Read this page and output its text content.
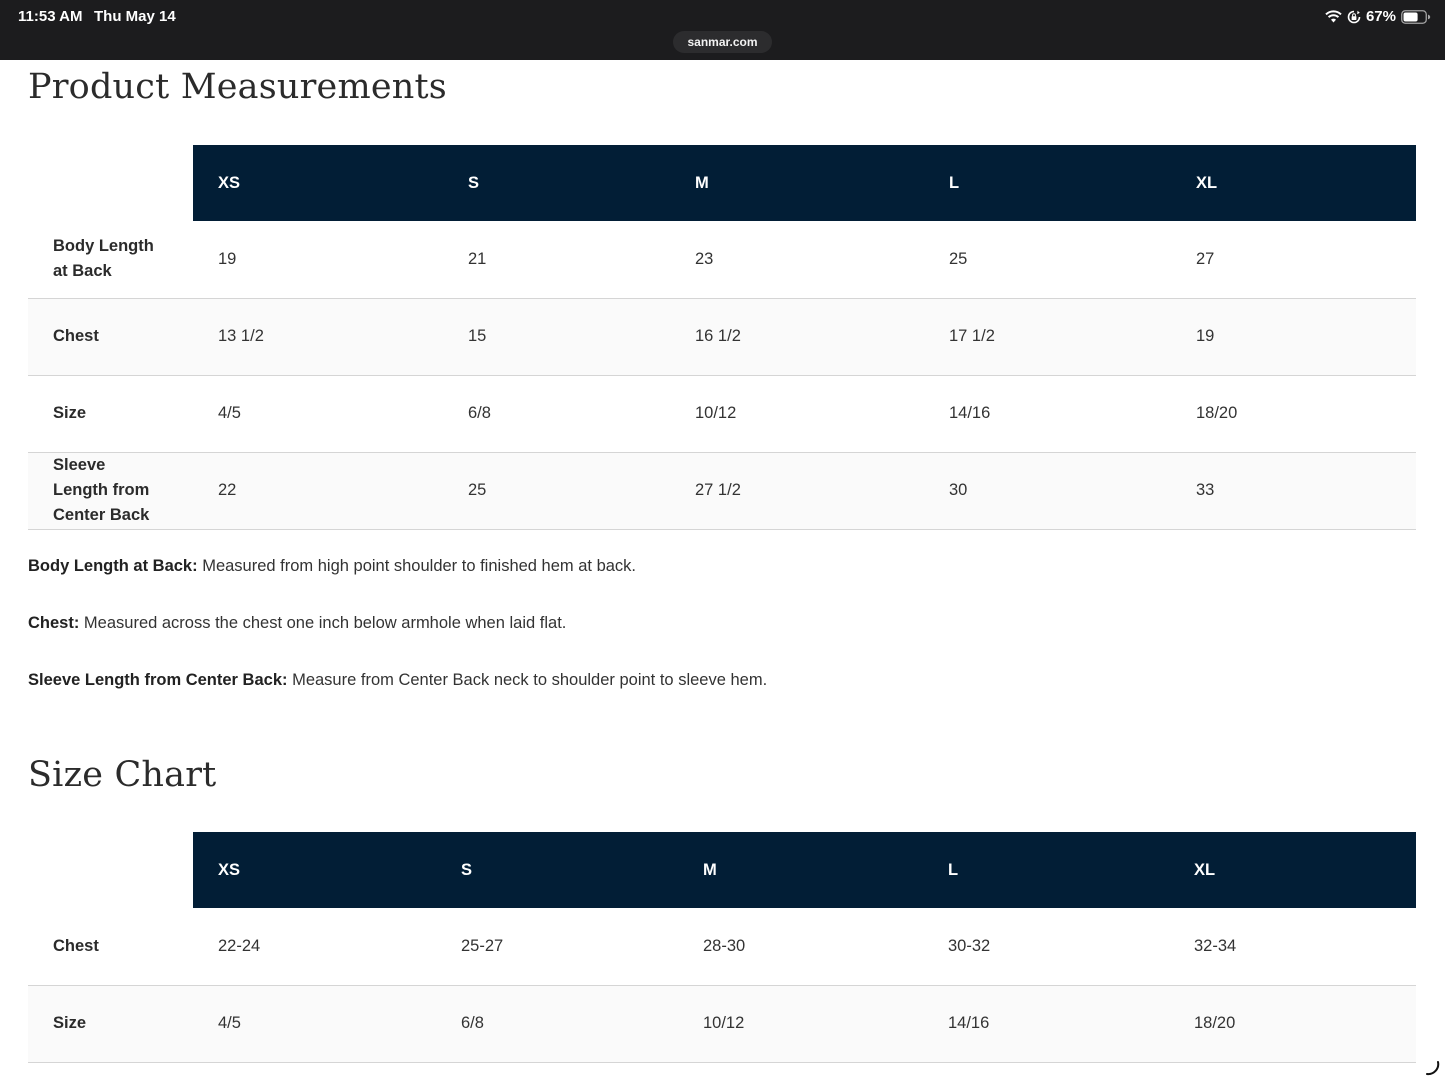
11:53 AM Thu May 14	67%
sanmar.com
Product Measurements
	XS	S	M	L	XL
Body Length at Back	19	21	23	25	27
Chest	13 1/2	15	16 1/2	17 1/2	19
Size	4/5	6/8	10/12	14/16	18/20
Sleeve Length from Center Back	22	25	27 1/2	30	33

Body Length at Back: Measured from high point shoulder to finished hem at back.

Chest: Measured across the chest one inch below armhole when laid flat.

Sleeve Length from Center Back: Measure from Center Back neck to shoulder point to sleeve hem.

Size Chart
	XS	S	M	L	XL
Chest	22-24	25-27	28-30	30-32	32-34
Size	4/5	6/8	10/12	14/16	18/20
